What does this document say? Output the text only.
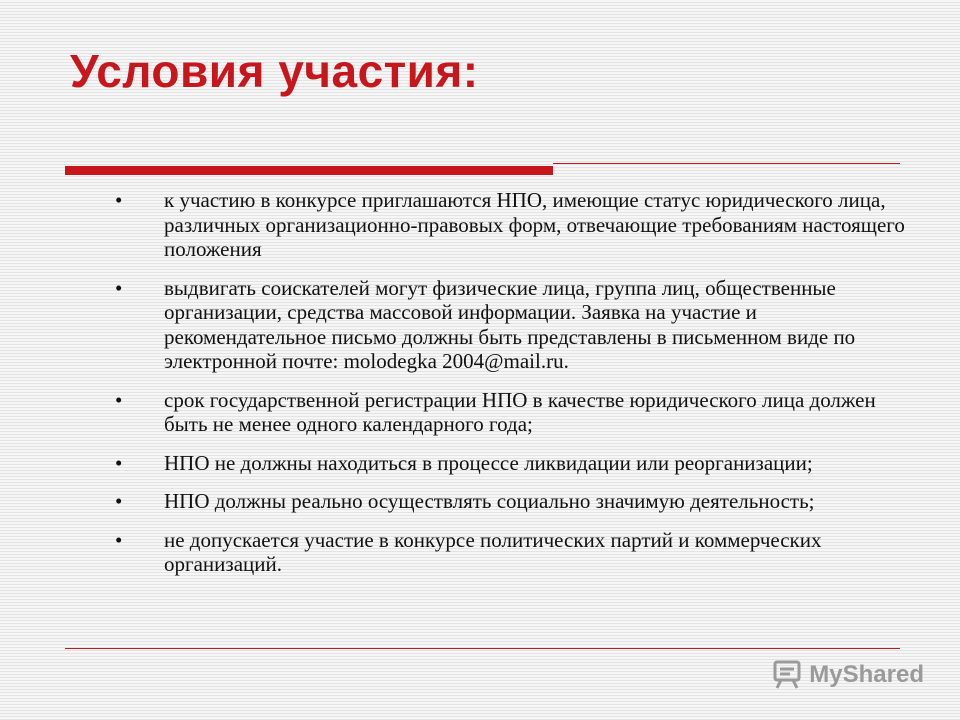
Условия участия:
• к участию в конкурсе приглашаются НПО, имеющие статус юридического лица, различных организационно-правовых форм, отвечающие требованиям настоящего положения
• выдвигать соискателей могут физические лица, группа лиц, общественные организации, средства массовой информации. Заявка на участие и рекомендательное письмо должны быть представлены в письменном виде по электронной почте: molodegka 2004@mail.ru.
• срок государственной регистрации НПО в качестве юридического лица должен быть не менее одного календарного года;
• НПО не должны находиться в процессе ликвидации или реорганизации;
• НПО должны реально осуществлять социально значимую деятельность;
• не допускается участие в конкурсе политических партий и коммерческих организаций.
MyShared
